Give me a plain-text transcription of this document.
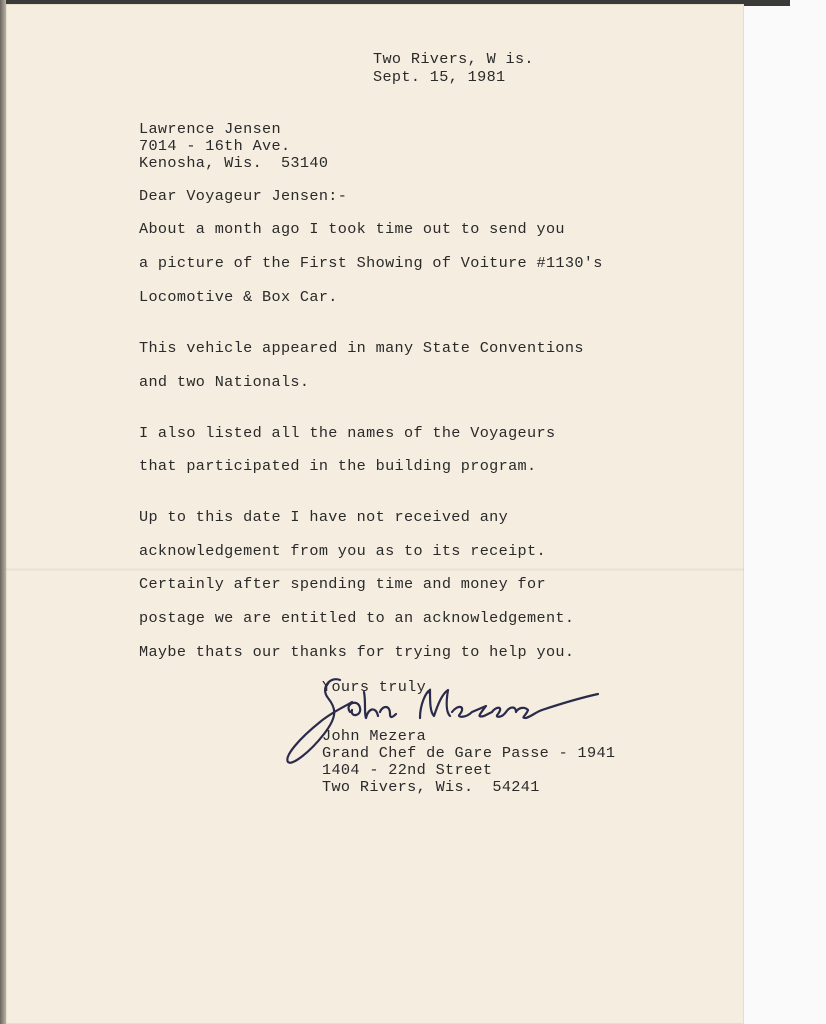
Two Rivers, W is.
Sept. 15, 1981
Lawrence Jensen
7014 - 16th Ave.
Kenosha, Wis.  53140
Dear Voyageur Jensen:-
About a month ago I took time out to send you
a picture of the First Showing of Voiture #1130's
Locomotive & Box Car.
This vehicle appeared in many State Conventions
and two Nationals.
I also listed all the names of the Voyageurs
that participated in the building program.
Up to this date I have not received any
acknowledgement from you as to its receipt.
Certainly after spending time and money for
postage we are entitled to an acknowledgement.
Maybe thats our thanks for trying to help you.
Yours truly,
John Mezera
Grand Chef de Gare Passe - 1941
1404 - 22nd Street
Two Rivers, Wis.  54241
